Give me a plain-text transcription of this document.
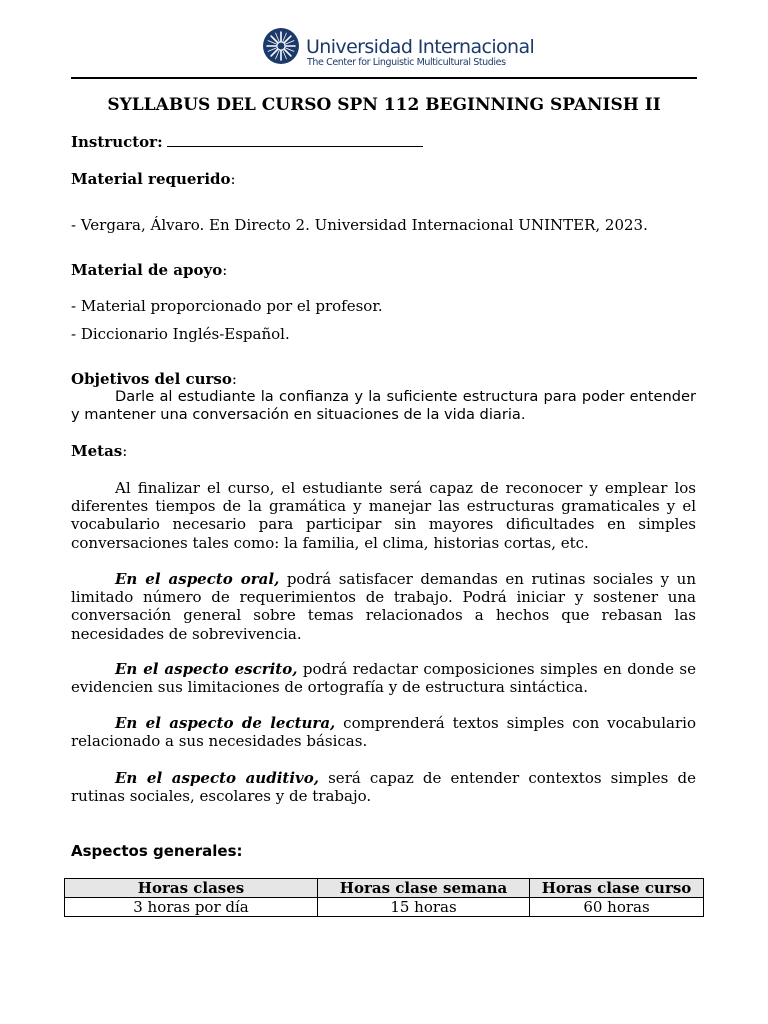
Universidad Internacional
The Center for Linguistic Multicultural Studies
SYLLABUS DEL CURSO SPN 112 BEGINNING SPANISH II
Instructor:
Material requerido:
- Vergara, Álvaro. En Directo 2. Universidad Internacional UNINTER, 2023.
Material de apoyo:
- Material proporcionado por el profesor.
- Diccionario Inglés-Español.
Objetivos del curso:
Darle al estudiante la confianza y la suficiente estructura para poder entender y mantener una conversación en situaciones de la vida diaria.
Metas:
Al finalizar el curso, el estudiante será capaz de reconocer y emplear los diferentes tiempos de la gramática y manejar las estructuras gramaticales y el vocabulario necesario para participar sin mayores dificultades en simples conversaciones tales como: la familia, el clima, historias cortas, etc.
En el aspecto oral, podrá satisfacer demandas en rutinas sociales y un limitado número de requerimientos de trabajo. Podrá iniciar y sostener una conversación general sobre temas relacionados a hechos que rebasan las necesidades de sobrevivencia.
En el aspecto escrito, podrá redactar composiciones simples en donde se evidencien sus limitaciones de ortografía y de estructura sintáctica.
En el aspecto de lectura, comprenderá textos simples con vocabulario relacionado a sus necesidades básicas.
En el aspecto auditivo, será capaz de entender contextos simples de rutinas sociales, escolares y de trabajo.
Aspectos generales:
Horas clases	Horas clase semana	Horas clase curso
3 horas por día	15 horas	60 horas
